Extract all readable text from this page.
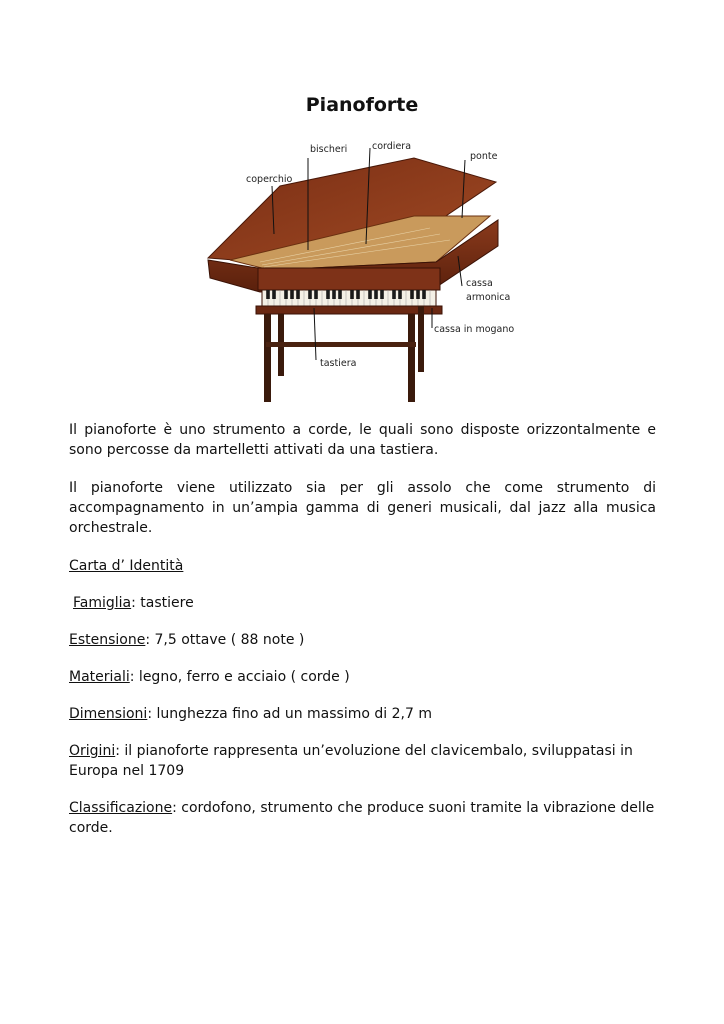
Pianoforte
bischeri	cordiera
ponte
coperchio
cassa
armonica
cassa in mogano
tastiera

Il pianoforte è uno strumento a corde, le quali sono disposte orizzontalmente e sono percosse da martelletti attivati da una tastiera.

Il pianoforte viene utilizzato sia per gli assolo che come strumento di accompagnamento in un’ampia gamma di generi musicali, dal jazz alla musica orchestrale.

Carta d’ Identità

Famiglia: tastiere

Estensione: 7,5 ottave ( 88 note )

Materiali: legno, ferro e acciaio ( corde )

Dimensioni: lunghezza fino ad un massimo di 2,7 m

Origini: il pianoforte rappresenta un’evoluzione del clavicembalo, sviluppatasi in Europa nel 1709

Classificazione: cordofono, strumento che produce suoni tramite la vibrazione delle corde.
